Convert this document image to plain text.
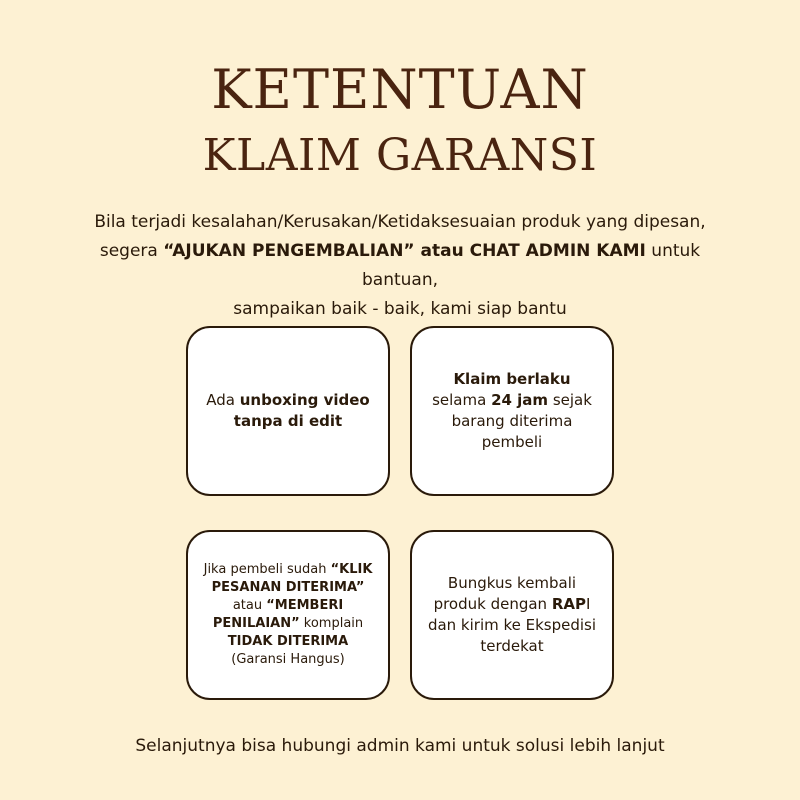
KETENTUAN
KLAIM GARANSI
Bila terjadi kesalahan/Kerusakan/Ketidaksesuaian produk yang dipesan,
segera “AJUKAN PENGEMBALIAN” atau CHAT ADMIN KAMI untuk bantuan,
sampaikan baik - baik, kami siap bantu
Ada unboxing video tanpa di edit
Klaim berlaku selama 24 jam sejak barang diterima pembeli
Jika pembeli sudah “KLIK PESANAN DITERIMA” atau “MEMBERI PENILAIAN” komplain TIDAK DITERIMA
(Garansi Hangus)
Bungkus kembali produk dengan RAPI dan kirim ke Ekspedisi terdekat
Selanjutnya bisa hubungi admin kami untuk solusi lebih lanjut
